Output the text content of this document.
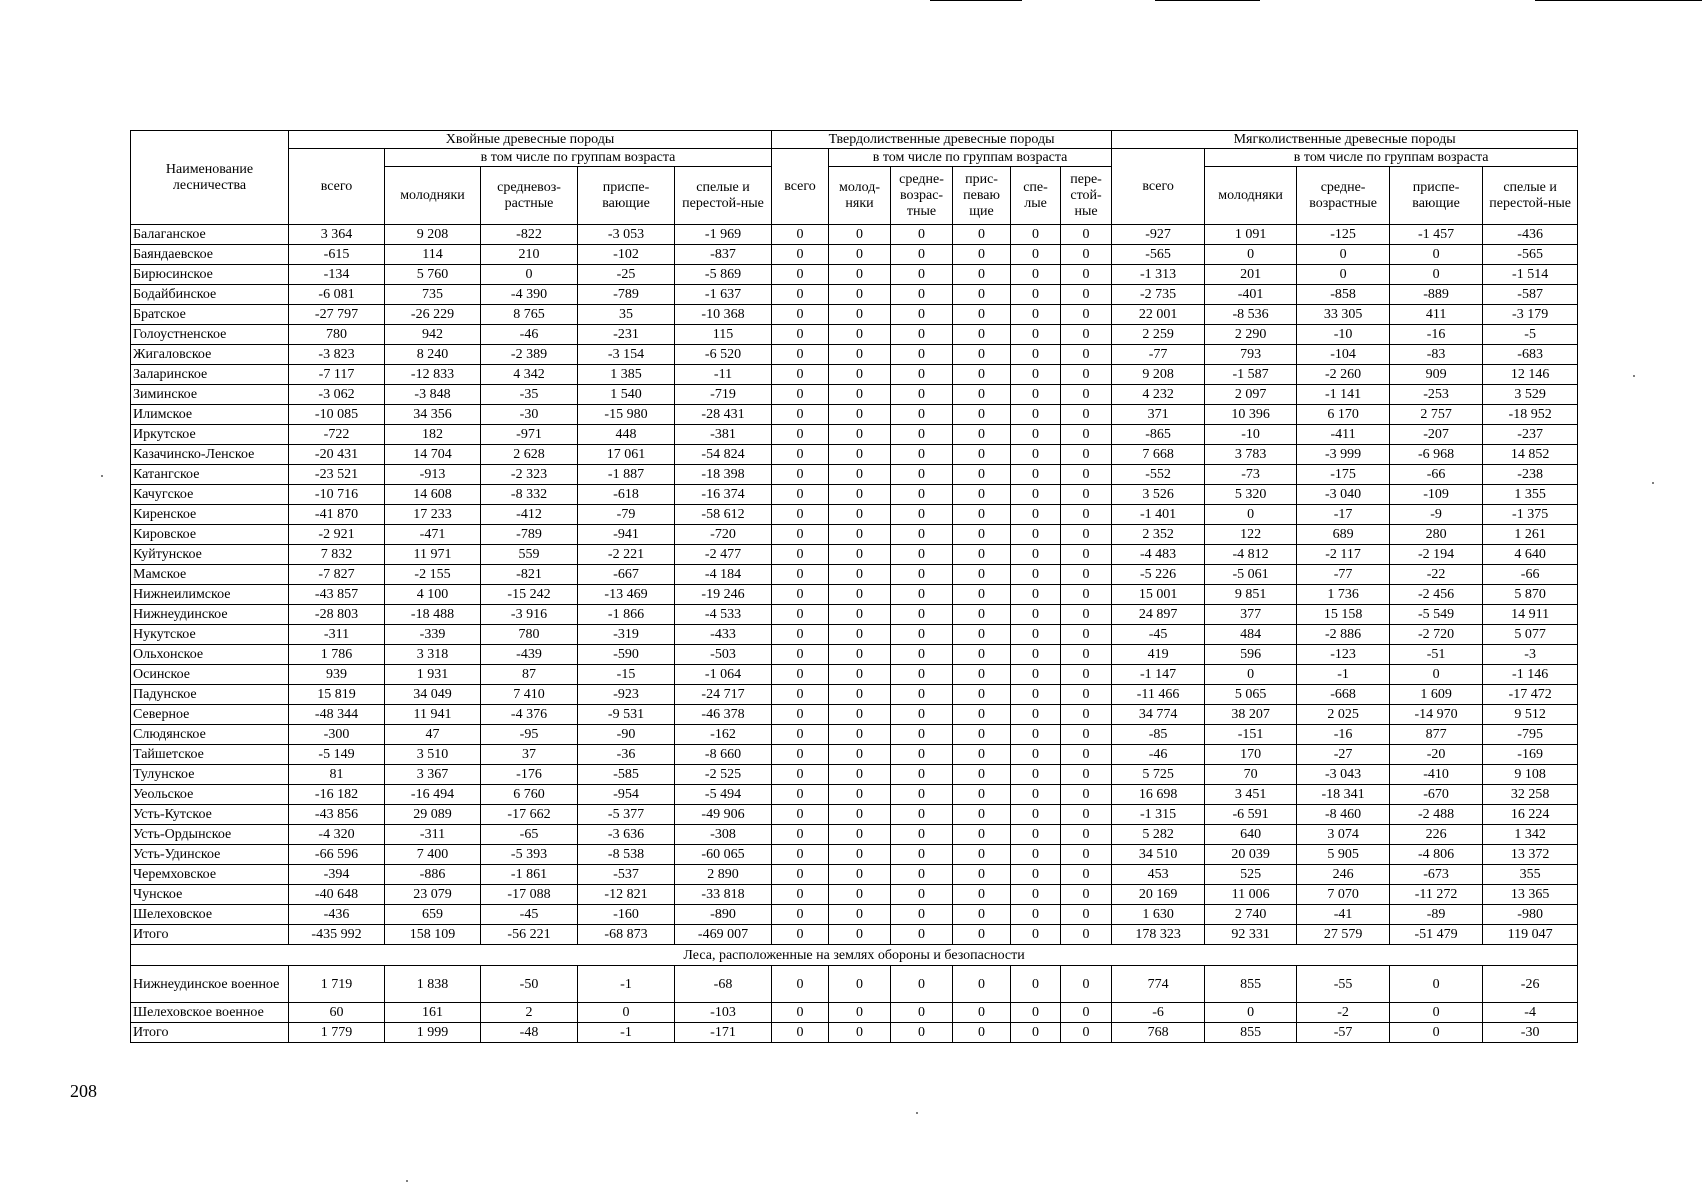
Наименование лесничества	Хвойные древесные породы					Твердолиственные древесные породы						Мягколиственные древесные породы				
	всего	в том числе по группам возраста				всего	в том числе по группам возраста					всего	в том числе по группам возраста			
		молодняки	средневоз-растные	приспе-вающие	спелые и перестой-ные		молод-няки	средне-возрас-тные	прис-певаю щие	спе-лые	пере-стой-ные		молодняки	средне-возрастные	приспе-вающие	спелые и перестой-ные
Балаганское	3 364	9 208	-822	-3 053	-1 969	0	0	0	0	0	0	-927	1 091	-125	-1 457	-436
Баяндаевское	-615	114	210	-102	-837	0	0	0	0	0	0	-565	0	0	0	-565
Бирюсинское	-134	5 760	0	-25	-5 869	0	0	0	0	0	0	-1 313	201	0	0	-1 514
Бодайбинское	-6 081	735	-4 390	-789	-1 637	0	0	0	0	0	0	-2 735	-401	-858	-889	-587
Братское	-27 797	-26 229	8 765	35	-10 368	0	0	0	0	0	0	22 001	-8 536	33 305	411	-3 179
Голоустненское	780	942	-46	-231	115	0	0	0	0	0	0	2 259	2 290	-10	-16	-5
Жигаловское	-3 823	8 240	-2 389	-3 154	-6 520	0	0	0	0	0	0	-77	793	-104	-83	-683
Заларинское	-7 117	-12 833	4 342	1 385	-11	0	0	0	0	0	0	9 208	-1 587	-2 260	909	12 146
Зиминское	-3 062	-3 848	-35	1 540	-719	0	0	0	0	0	0	4 232	2 097	-1 141	-253	3 529
Илимское	-10 085	34 356	-30	-15 980	-28 431	0	0	0	0	0	0	371	10 396	6 170	2 757	-18 952
Иркутское	-722	182	-971	448	-381	0	0	0	0	0	0	-865	-10	-411	-207	-237
Казачинско-Ленское	-20 431	14 704	2 628	17 061	-54 824	0	0	0	0	0	0	7 668	3 783	-3 999	-6 968	14 852
Катангское	-23 521	-913	-2 323	-1 887	-18 398	0	0	0	0	0	0	-552	-73	-175	-66	-238
Качугское	-10 716	14 608	-8 332	-618	-16 374	0	0	0	0	0	0	3 526	5 320	-3 040	-109	1 355
Киренское	-41 870	17 233	-412	-79	-58 612	0	0	0	0	0	0	-1 401	0	-17	-9	-1 375
Кировское	-2 921	-471	-789	-941	-720	0	0	0	0	0	0	2 352	122	689	280	1 261
Куйтунское	7 832	11 971	559	-2 221	-2 477	0	0	0	0	0	0	-4 483	-4 812	-2 117	-2 194	4 640
Мамское	-7 827	-2 155	-821	-667	-4 184	0	0	0	0	0	0	-5 226	-5 061	-77	-22	-66
Нижнеилимское	-43 857	4 100	-15 242	-13 469	-19 246	0	0	0	0	0	0	15 001	9 851	1 736	-2 456	5 870
Нижнеудинское	-28 803	-18 488	-3 916	-1 866	-4 533	0	0	0	0	0	0	24 897	377	15 158	-5 549	14 911
Нукутское	-311	-339	780	-319	-433	0	0	0	0	0	0	-45	484	-2 886	-2 720	5 077
Ольхонское	1 786	3 318	-439	-590	-503	0	0	0	0	0	0	419	596	-123	-51	-3
Осинское	939	1 931	87	-15	-1 064	0	0	0	0	0	0	-1 147	0	-1	0	-1 146
Падунское	15 819	34 049	7 410	-923	-24 717	0	0	0	0	0	0	-11 466	5 065	-668	1 609	-17 472
Северное	-48 344	11 941	-4 376	-9 531	-46 378	0	0	0	0	0	0	34 774	38 207	2 025	-14 970	9 512
Слюдянское	-300	47	-95	-90	-162	0	0	0	0	0	0	-85	-151	-16	877	-795
Тайшетское	-5 149	3 510	37	-36	-8 660	0	0	0	0	0	0	-46	170	-27	-20	-169
Тулунское	81	3 367	-176	-585	-2 525	0	0	0	0	0	0	5 725	70	-3 043	-410	9 108
Уеольское	-16 182	-16 494	6 760	-954	-5 494	0	0	0	0	0	0	16 698	3 451	-18 341	-670	32 258
Усть-Кутское	-43 856	29 089	-17 662	-5 377	-49 906	0	0	0	0	0	0	-1 315	-6 591	-8 460	-2 488	16 224
Усть-Ордынское	-4 320	-311	-65	-3 636	-308	0	0	0	0	0	0	5 282	640	3 074	226	1 342
Усть-Удинское	-66 596	7 400	-5 393	-8 538	-60 065	0	0	0	0	0	0	34 510	20 039	5 905	-4 806	13 372
Черемховское	-394	-886	-1 861	-537	2 890	0	0	0	0	0	0	453	525	246	-673	355
Чунское	-40 648	23 079	-17 088	-12 821	-33 818	0	0	0	0	0	0	20 169	11 006	7 070	-11 272	13 365
Шелеховское	-436	659	-45	-160	-890	0	0	0	0	0	0	1 630	2 740	-41	-89	-980
Итого	-435 992	158 109	-56 221	-68 873	-469 007	0	0	0	0	0	0	178 323	92 331	27 579	-51 479	119 047
Леса, расположенные на землях обороны и безопасности																
Нижнеудинское военное	1 719	1 838	-50	-1	-68	0	0	0	0	0	0	774	855	-55	0	-26
Шелеховское военное	60	161	2	0	-103	0	0	0	0	0	0	-6	0	-2	0	-4
Итого	1 779	1 999	-48	-1	-171	0	0	0	0	0	0	768	855	-57	0	-30
208
